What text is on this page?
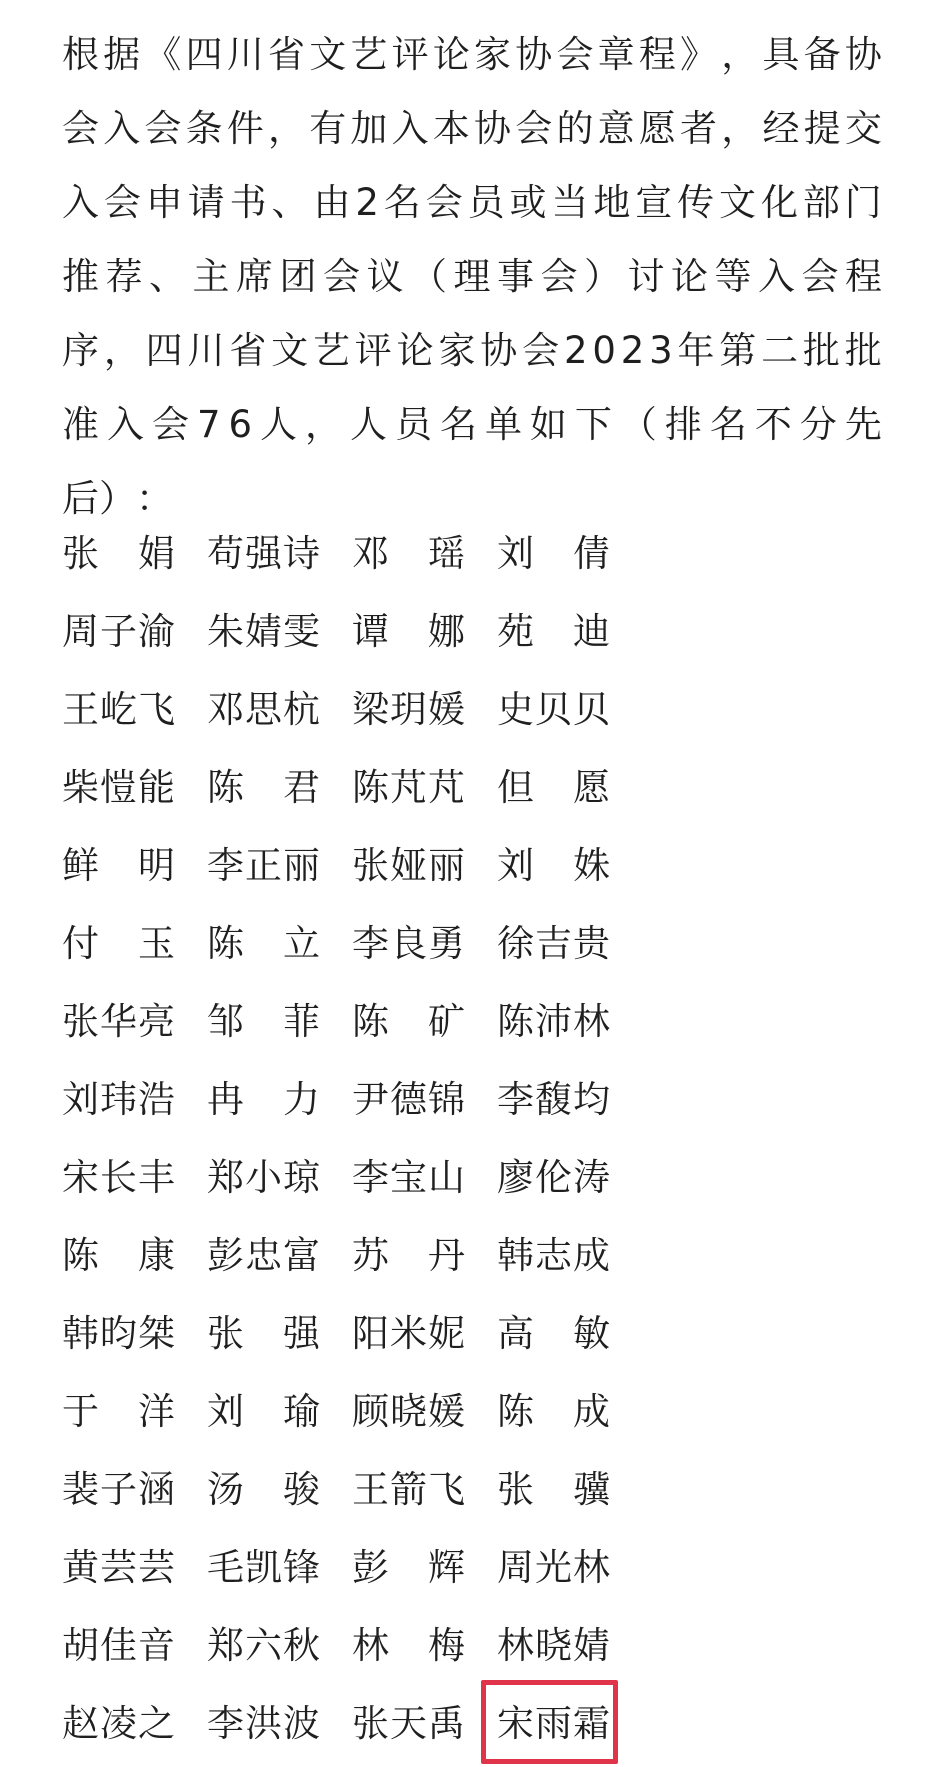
根 据 《 四 川 省 文 艺 评 论 家 协 会 章 程 》 ， 具 备 协
会 入 会 条 件 ， 有 加 入 本 协 会 的 意 愿 者 ， 经 提 交
入 会 申 请 书 、 由 2 名 会 员 或 当 地 宣 传 文 化 部 门
推 荐 、 主 席 团 会 议 （ 理 事 会 ） 讨 论 等 入 会 程
序 ， 四 川 省 文 艺 评 论 家 协 会 2 0 2 3 年 第 二 批 批
准 入 会 7 6 人 ， 人 员 名 单 如 下 （ 排 名 不 分 先
后 ） ：
张 娟 苟 强 诗 邓 瑶 刘 倩
周 子 渝 朱 婧 雯 谭 娜 苑 迪
王 屹 飞 邓 思 杭 梁 玥 媛 史 贝 贝
柴 愷 能 陈 君 陈 芃 芃 但 愿
鲜 明 李 正 丽 张 娅 丽 刘 姝
付 玉 陈 立 李 良 勇 徐 吉 贵
张 华 亮 邹 菲 陈 矿 陈 沛 林
刘 玮 浩 冉 力 尹 德 锦 李 馥 均
宋 长 丰 郑 小 琼 李 宝 山 廖 伦 涛
陈 康 彭 忠 富 苏 丹 韩 志 成
韩 昀 桀 张 强 阳 米 妮 高 敏
于 洋 刘 瑜 顾 晓 媛 陈 成
裴 子 涵 汤 骏 王 箭 飞 张 骥
黄 芸 芸 毛 凯 锋 彭 辉 周 光 林
胡 佳 音 郑 六 秋 林 梅 林 晓 婧
赵 凌 之 李 洪 波 张 天 禹 宋 雨 霜
